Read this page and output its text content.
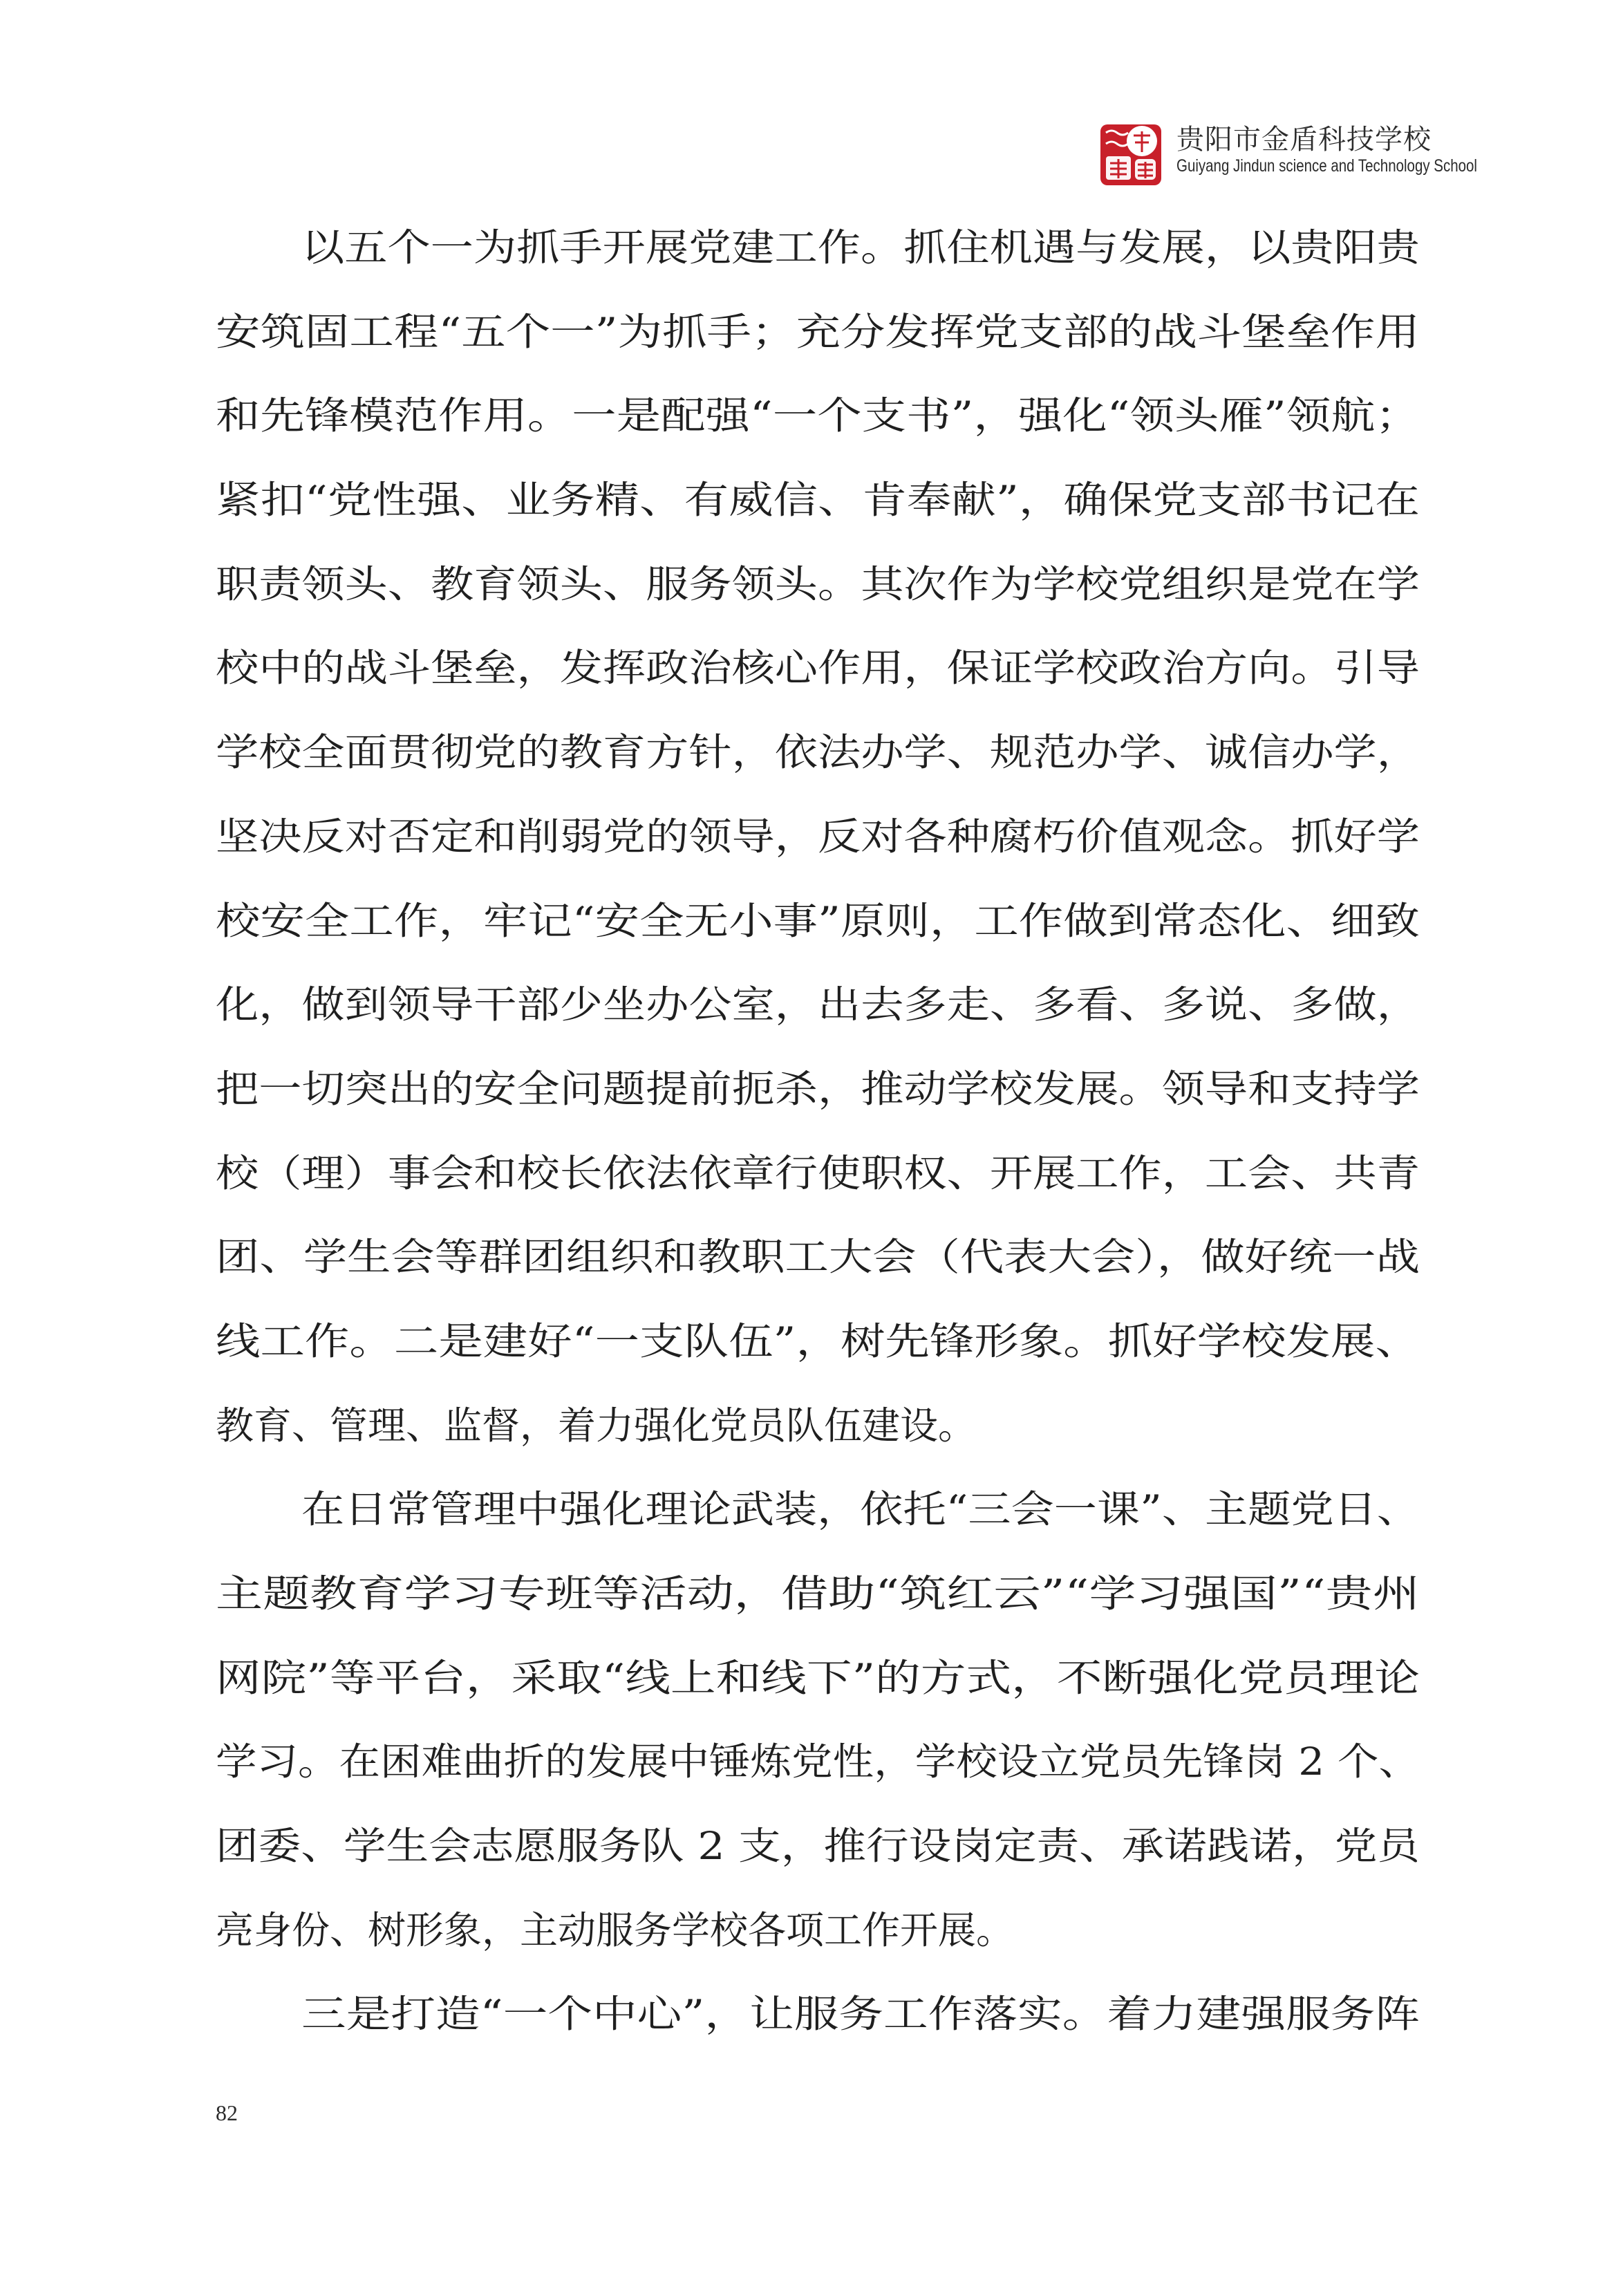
贵阳市金盾科技学校
Guiyang Jindun science and Technology School
以五个一为抓手开展党建工作。抓住机遇与发展，以贵阳贵
安筑固工程“五个一”为抓手；充分发挥党支部的战斗堡垒作用
和先锋模范作用。一是配强“一个支书”，强化“领头雁”领航；
紧扣“党性强、业务精、有威信、肯奉献”，确保党支部书记在
职责领头、教育领头、服务领头。其次作为学校党组织是党在学
校中的战斗堡垒，发挥政治核心作用，保证学校政治方向。引导
学校全面贯彻党的教育方针，依法办学、规范办学、诚信办学，
坚决反对否定和削弱党的领导，反对各种腐朽价值观念。抓好学
校安全工作，牢记“安全无小事”原则，工作做到常态化、细致
化，做到领导干部少坐办公室，出去多走、多看、多说、多做，
把一切突出的安全问题提前扼杀，推动学校发展。领导和支持学
校（理）事会和校长依法依章行使职权、开展工作，工会、共青
团、学生会等群团组织和教职工大会（代表大会），做好统一战
线工作。二是建好“一支队伍”，树先锋形象。抓好学校发展、
教育、管理、监督，着力强化党员队伍建设。
在日常管理中强化理论武装，依托“三会一课”、主题党日、
主题教育学习专班等活动，借助“筑红云”“学习强国”“贵州
网院”等平台，采取“线上和线下”的方式，不断强化党员理论
学习。在困难曲折的发展中锤炼党性，学校设立党员先锋岗 2 个、
团委、学生会志愿服务队 2 支，推行设岗定责、承诺践诺，党员
亮身份、树形象，主动服务学校各项工作开展。
三是打造“一个中心”，让服务工作落实。着力建强服务阵
82
